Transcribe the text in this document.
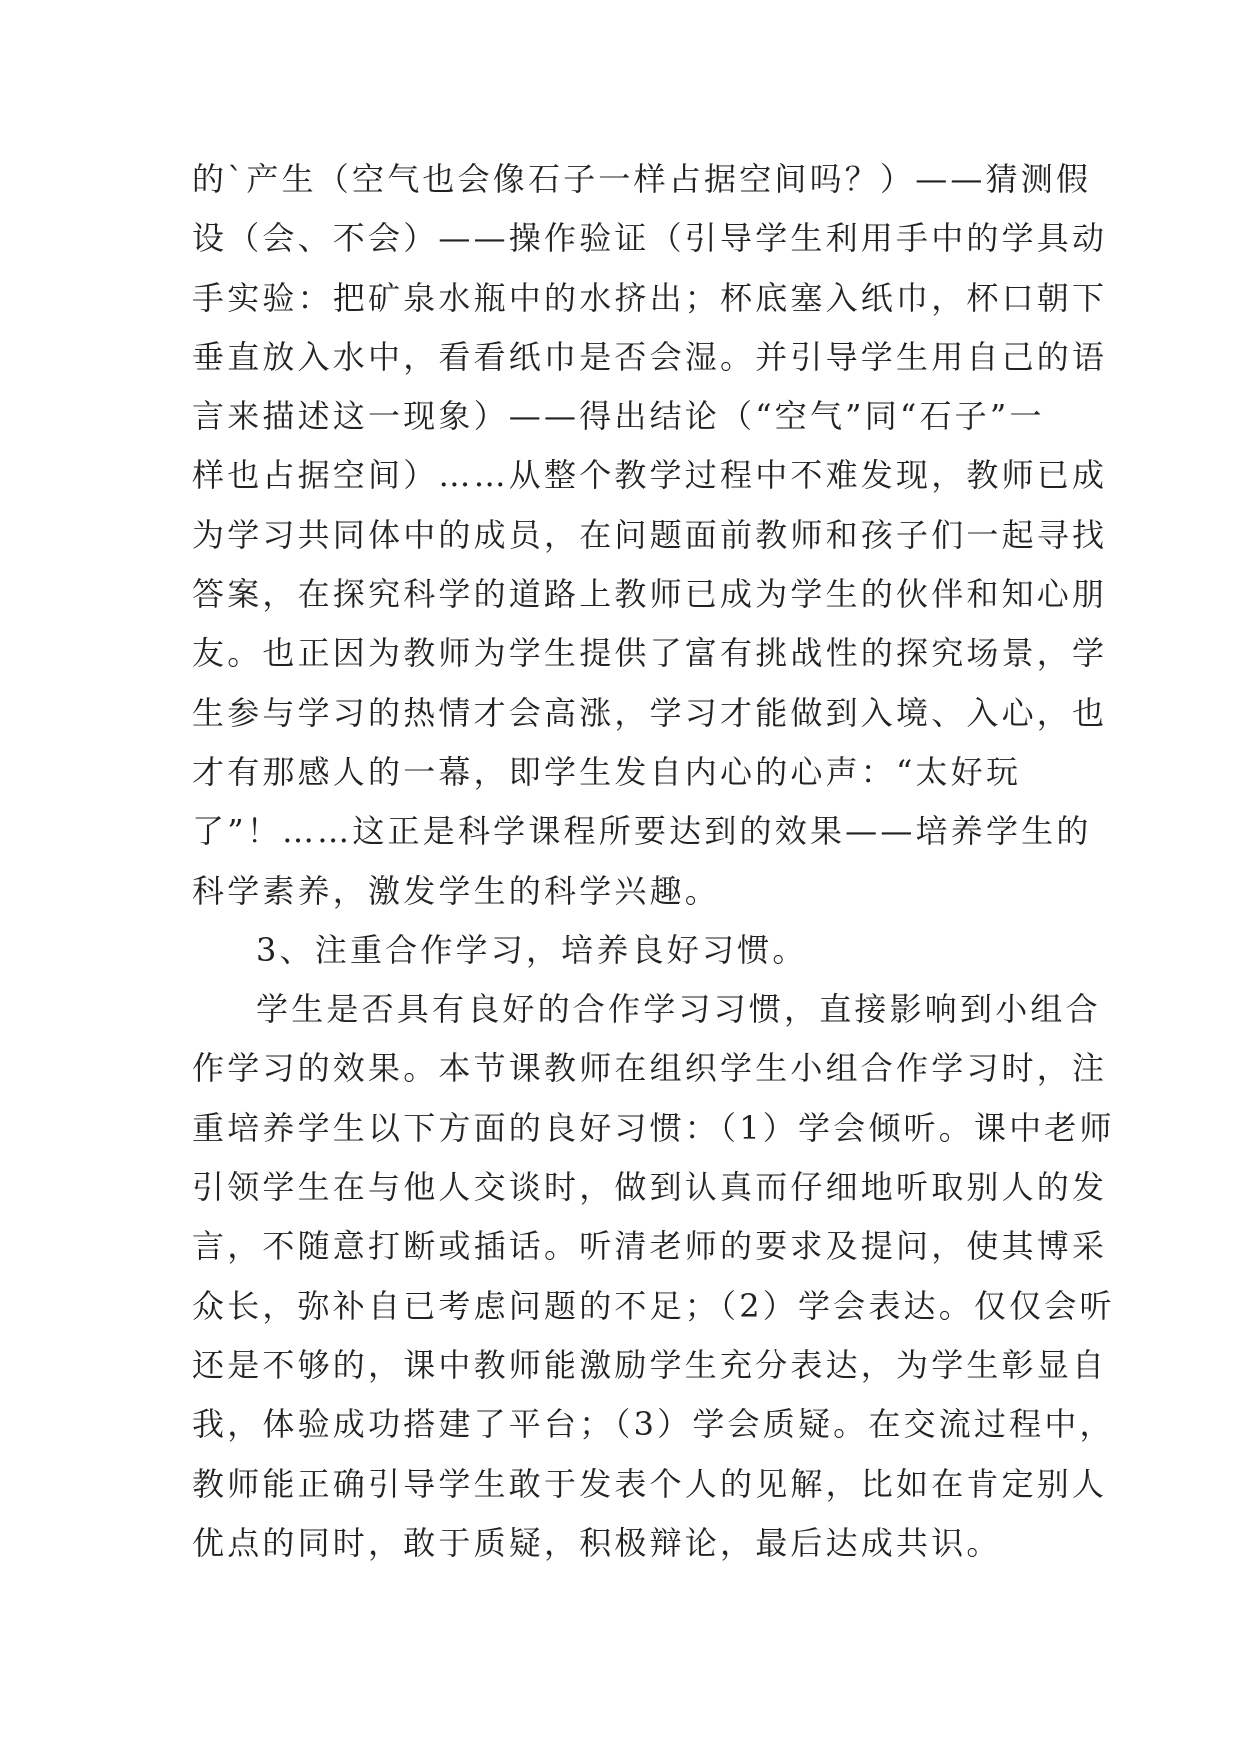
的`产生（空气也会像石子一样占据空间吗？）——猜测假
设（会、不会）——操作验证（引导学生利用手中的学具动
手实验：把矿泉水瓶中的水挤出；杯底塞入纸巾，杯口朝下
垂直放入水中，看看纸巾是否会湿。并引导学生用自己的语
言来描述这一现象）——得出结论（“空气”同“石子”一
样也占据空间）……从整个教学过程中不难发现，教师已成
为学习共同体中的成员，在问题面前教师和孩子们一起寻找
答案，在探究科学的道路上教师已成为学生的伙伴和知心朋
友。也正因为教师为学生提供了富有挑战性的探究场景，学
生参与学习的热情才会高涨，学习才能做到入境、入心，也
才有那感人的一幕，即学生发自内心的心声：“太好玩
了”！……这正是科学课程所要达到的效果——培养学生的
科学素养，激发学生的科学兴趣。
3、注重合作学习，培养良好习惯。
学生是否具有良好的合作学习习惯，直接影响到小组合
作学习的效果。本节课教师在组织学生小组合作学习时，注
重培养学生以下方面的良好习惯：（1）学会倾听。课中老师
引领学生在与他人交谈时，做到认真而仔细地听取别人的发
言，不随意打断或插话。听清老师的要求及提问，使其博采
众长，弥补自已考虑问题的不足；（2）学会表达。仅仅会听
还是不够的，课中教师能激励学生充分表达，为学生彰显自
我，体验成功搭建了平台；（3）学会质疑。在交流过程中，
教师能正确引导学生敢于发表个人的见解，比如在肯定别人
优点的同时，敢于质疑，积极辩论，最后达成共识。
